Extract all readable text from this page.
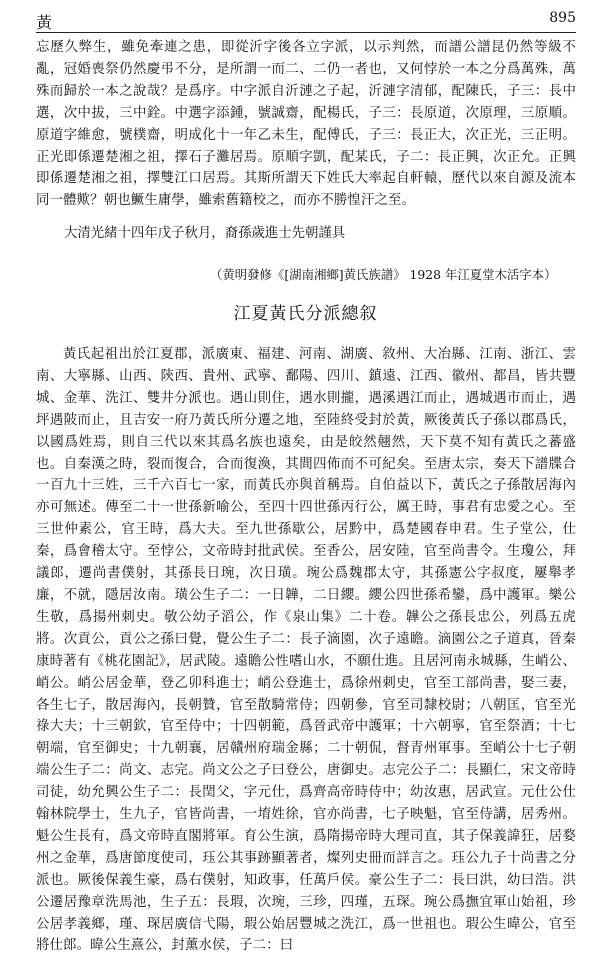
黃	895
忘歷久弊生，雖免牽連之患，即從沂字後各立字派，以示判然，而譜公譜昆仍然等級不亂，冠婚喪祭仍然慶弔不分，是所謂一而二、二仍一者也，又何悖於一本之分爲萬殊，萬殊而歸於一本之說哉？是爲序。中字派自沂漣之子起，沂漣字清郁，配陳氏，子三：長中選，次中拔，三中銓。中選字添鍾，號誠齋，配楊氏，子三：長原道，次原理，三原順。原道字維愈，號樸齋，明成化十一年乙未生，配傅氏，子三：長正大，次正光，三正明。正光即係遷楚湘之祖，擇石子灘居焉。原順字凱，配某氏，子二：長正興，次正允。正興即係遷楚湘之祖，擇雙江口居焉。其斯所謂天下姓氏大率起自軒轅，歷代以來自源及流本同一體歟？朝也鱖生庸學，雖索舊籍校之，而亦不勝惶汗之至。
大清光緒十四年戊子秋月，裔孫歲進士先朝謹具
（黄明發修《[湖南湘鄉]黄氏族譜》 1928 年江夏堂木活字本）
江夏黃氏分派總叙
黃氏起祖出於江夏郡，派廣東、福建、河南、湖廣、敘州、大冶縣、江南、浙江、雲南、大寧縣、山西、陝西、貴州、武寧、鄱陽、四川、鎮遠、江西、徽州、都昌，皆共豐城、金華、洗江、雙井分派也。遇山則住，遇水則攏，遇溪遇江而止，遇城遇市而止，遇坪遇陂而止，且吉安一府乃黃氏所分遷之地，至陸終受封於黃，厥後黃氏子孫以郡爲氏，以國爲姓焉，則自三代以來其爲名族也遠矣，由是皎然翹然，天下莫不知有黃氏之蕃盛也。自秦漢之時，裂而復合，合而復渙，其間四佈而不可紀矣。至唐太宗，奏天下譜牒合一百九十三姓，三千六百七一家，而黃氏亦與首稱焉。自伯益以下，黃氏之子孫散居海內亦可無述。傳至二十一世孫新喻公，至四十四世孫丙行公，厲王時，事君有忠愛之心。至三世仲素公，官王時，爲大夫。至九世孫歇公，居黔中，爲楚國春申君。生子堂公，仕秦，爲會稽太守。至悖公，文帝時封批武侯。至香公，居安陸，官至尚書令。生瓊公，拜議郎，遷尚書僕射，其孫長日琬，次日璜。琬公爲魏郡太守，其孫憲公字叔度，屢舉孝廉，不就，隱居汝南。璜公生子二：一日韡，二日纓。纓公四世孫希鑾，爲中護軍。樂公生敬，爲揚州刺史。敬公幼子滔公，作《泉山集》二十卷。韡公之孫長忠公，列爲五虎將。次貢公，貢公之孫曰覺，覺公生子二：長子滴園，次子遠瞻。滴園公之子道真，晉秦康時著有《桃花園記》，居武陵。遠瞻公性嗜山水，不願仕進。且居河南永城縣，生峭公、峭公。峭公居金華，登乙卯科進士；峭公登進士，爲徐州刺史，官至工部尚書，娶三妻，各生七子，散居海內，長朝贊，官至散騎常侍；四朝參，官至司隸校尉；八朝匡，官至光祿大夫；十三朝欽，官至侍中；十四朝範，爲晉武帝中護軍；十六朝寧，官至祭酒；十七朝端，官至御史；十九朝襄，居贛州府瑞金縣；二十朝侃，督青州軍事。至峭公十七子朝端公生子二：尚文、志完。尚文公之子曰登公，唐御史。志完公子二：長顯仁，宋文帝時司徒，幼允興公生子二：長閏父，字元仕，爲齊高帝時侍中；幼汝惠，居武宣。元仕公仕翰林院學士，生九子，官皆尚書，一堉姓徐，官亦尚書，七子映魁，官至侍講，居秀州。魁公生長有，爲文帝時直閣將軍。育公生演，爲隋揚帝時大理司直，其子保義諱狂，居婺州之金華，爲唐節度使司，珏公其事跡顯著者，燦列史冊而詳言之。珏公九子十尚書之分派也。厥後保義生豪，爲右僕射，知政事，任萬戶侯。豪公生子二：長曰洪，幼曰浩。洪公遷居豫章洗馬池，生子五：長瑕，次琬，三珍，四瑾，五琛。琬公爲撫宜軍山始祖，珍公居孝義鄉，瑾、琛居廣信弋陽，瑕公始居豐城之洗江，爲一世祖也。瑕公生暐公，官至將仕郎。暐公生熹公，封薰水侯，子二：曰
